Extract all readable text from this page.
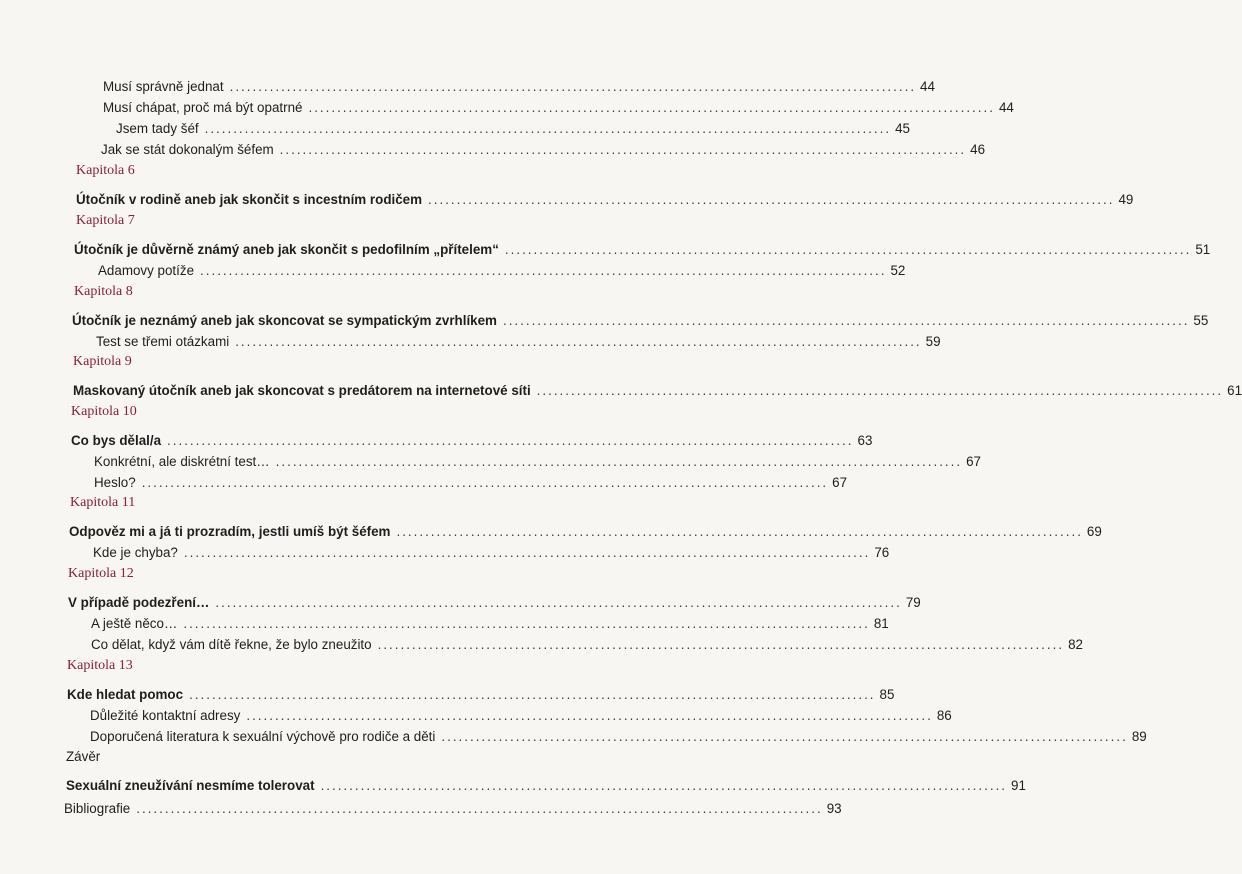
Musí správně jednat ........................................................................................................................ 44
Musí chápat, proč má být opatrné ........................................................................................................................ 44
Jsem tady šéf ........................................................................................................................ 45
Jak se stát dokonalým šéfem ........................................................................................................................ 46
Kapitola 6
Útočník v rodině aneb jak skončit s incestním rodičem ........................................................................................................................ 49
Kapitola 7
Útočník je důvěrně známý aneb jak skončit s pedofilním „přítelem“ ........................................................................................................................ 51
Adamovy potíže ........................................................................................................................ 52
Kapitola 8
Útočník je neznámý aneb jak skoncovat se sympatickým zvrhlíkem ........................................................................................................................ 55
Test se třemi otázkami ........................................................................................................................ 59
Kapitola 9
Maskovaný útočník aneb jak skoncovat s predátorem na internetové síti ........................................................................................................................ 61
Kapitola 10
Co bys dělal/a ........................................................................................................................ 63
Konkrétní, ale diskrétní test… ........................................................................................................................ 67
Heslo? ........................................................................................................................ 67
Kapitola 11
Odpověz mi a já ti prozradím, jestli umíš být šéfem ........................................................................................................................ 69
Kde je chyba? ........................................................................................................................ 76
Kapitola 12
V případě podezření… ........................................................................................................................ 79
A ještě něco… ........................................................................................................................ 81
Co dělat, když vám dítě řekne, že bylo zneužito ........................................................................................................................ 82
Kapitola 13
Kde hledat pomoc ........................................................................................................................ 85
Důležité kontaktní adresy ........................................................................................................................ 86
Doporučená literatura k sexuální výchově pro rodiče a děti ........................................................................................................................ 89
Závěr
Sexuální zneužívání nesmíme tolerovat ........................................................................................................................ 91
Bibliografie ........................................................................................................................ 93
